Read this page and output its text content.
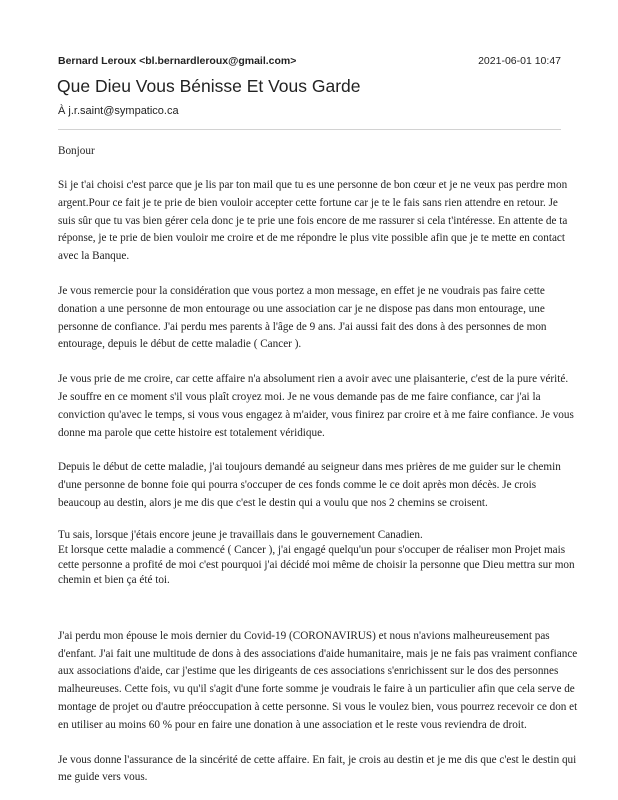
Bernard Leroux <bl.bernardleroux@gmail.com>	2021-06-01 10:47
Que Dieu Vous Bénisse Et Vous Garde
À j.r.saint@sympatico.ca

Bonjour

Si je t'ai choisi c'est parce que je lis par ton mail que tu es une personne de bon cœur et je ne veux pas perdre mon argent.Pour ce fait je te prie de bien vouloir accepter cette fortune car je te le fais sans rien attendre en retour. Je suis sûr que tu vas bien gérer cela donc je te prie une fois encore de me rassurer si cela t'intéresse. En attente de ta réponse, je te prie de bien vouloir me croire et de me répondre le plus vite possible afin que je te mette en contact avec la Banque.

Je vous remercie pour la considération que vous portez a mon message, en effet je ne voudrais pas faire cette donation a une personne de mon entourage ou une association car je ne dispose pas dans mon entourage, une personne de confiance. J'ai perdu mes parents à l'âge de 9 ans. J'ai aussi fait des dons à des personnes de mon entourage, depuis le début de cette maladie ( Cancer ).

Je vous prie de me croire, car cette affaire n'a absolument rien a avoir avec une plaisanterie, c'est de la pure vérité. Je souffre en ce moment s'il vous plaît croyez moi. Je ne vous demande pas de me faire confiance, car j'ai la conviction qu'avec le temps, si vous vous engagez à m'aider, vous finirez par croire et à me faire confiance. Je vous donne ma parole que cette histoire est totalement véridique.

Depuis le début de cette maladie, j'ai toujours demandé au seigneur dans mes prières de me guider sur le chemin d'une personne de bonne foie qui pourra s'occuper de ces fonds comme le ce doit après mon décès. Je crois beaucoup au destin, alors je me dis que c'est le destin qui a voulu que nos 2 chemins se croisent.

Tu sais, lorsque j'étais encore jeune je travaillais dans le gouvernement Canadien.

Et lorsque cette maladie a commencé ( Cancer ), j'ai engagé quelqu'un pour s'occuper de réaliser mon Projet mais cette personne a profité de moi c'est pourquoi j'ai décidé moi même de choisir la personne que Dieu mettra sur mon chemin et bien ça été toi.

J'ai perdu mon épouse le mois dernier du Covid-19 (CORONAVIRUS) et nous n'avions malheureusement pas d'enfant. J'ai fait une multitude de dons à des associations d'aide humanitaire, mais je ne fais pas vraiment confiance aux associations d'aide, car j'estime que les dirigeants de ces associations s'enrichissent sur le dos des personnes malheureuses. Cette fois, vu qu'il s'agit d'une forte somme je voudrais le faire à un particulier afin que cela serve de montage de projet ou d'autre préoccupation à cette personne. Si vous le voulez bien, vous pourrez recevoir ce don et en utiliser au moins 60 % pour en faire une donation à une association et le reste vous reviendra de droit.

Je vous donne l'assurance de la sincérité de cette affaire. En fait, je crois au destin et je me dis que c'est le destin qui me guide vers vous.
